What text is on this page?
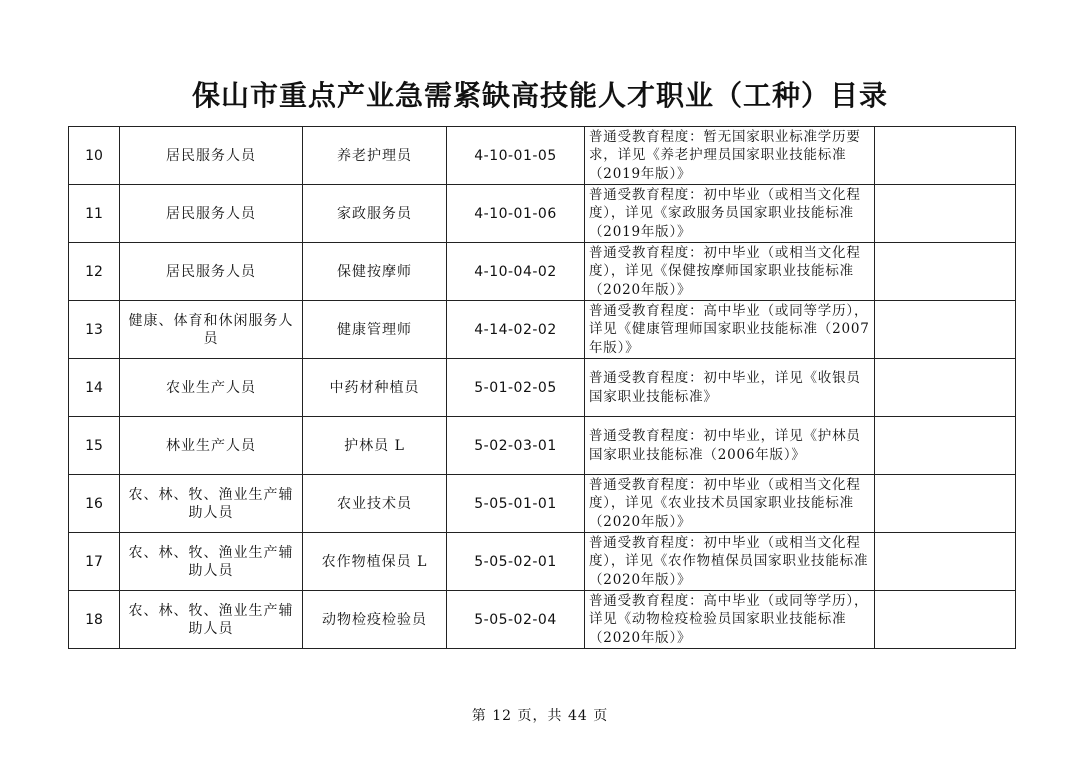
保山市重点产业急需紧缺高技能人才职业（工种）目录
10	居民服务人员	养老护理员	4-10-01-05	普通受教育程度：暂无国家职业标准学历要求，详见《养老护理员国家职业技能标准（2019年版）》	
11	居民服务人员	家政服务员	4-10-01-06	普通受教育程度：初中毕业（或相当文化程度），详见《家政服务员国家职业技能标准（2019年版）》	
12	居民服务人员	保健按摩师	4-10-04-02	普通受教育程度：初中毕业（或相当文化程度），详见《保健按摩师国家职业技能标准（2020年版）》	
13	健康、体育和休闲服务人员	健康管理师	4-14-02-02	普通受教育程度：高中毕业（或同等学历），详见《健康管理师国家职业技能标准（2007年版）》	
14	农业生产人员	中药材种植员	5-01-02-05	普通受教育程度：初中毕业，详见《收银员国家职业技能标准》	
15	林业生产人员	护林员 L	5-02-03-01	普通受教育程度：初中毕业，详见《护林员国家职业技能标准（2006年版）》	
16	农、林、牧、渔业生产辅助人员	农业技术员	5-05-01-01	普通受教育程度：初中毕业（或相当文化程度），详见《农业技术员国家职业技能标准（2020年版）》	
17	农、林、牧、渔业生产辅助人员	农作物植保员 L	5-05-02-01	普通受教育程度：初中毕业（或相当文化程度），详见《农作物植保员国家职业技能标准（2020年版）》	
18	农、林、牧、渔业生产辅助人员	动物检疫检验员	5-05-02-04	普通受教育程度：高中毕业（或同等学历），详见《动物检疫检验员国家职业技能标准（2020年版）》	
第 12 页，共 44 页
